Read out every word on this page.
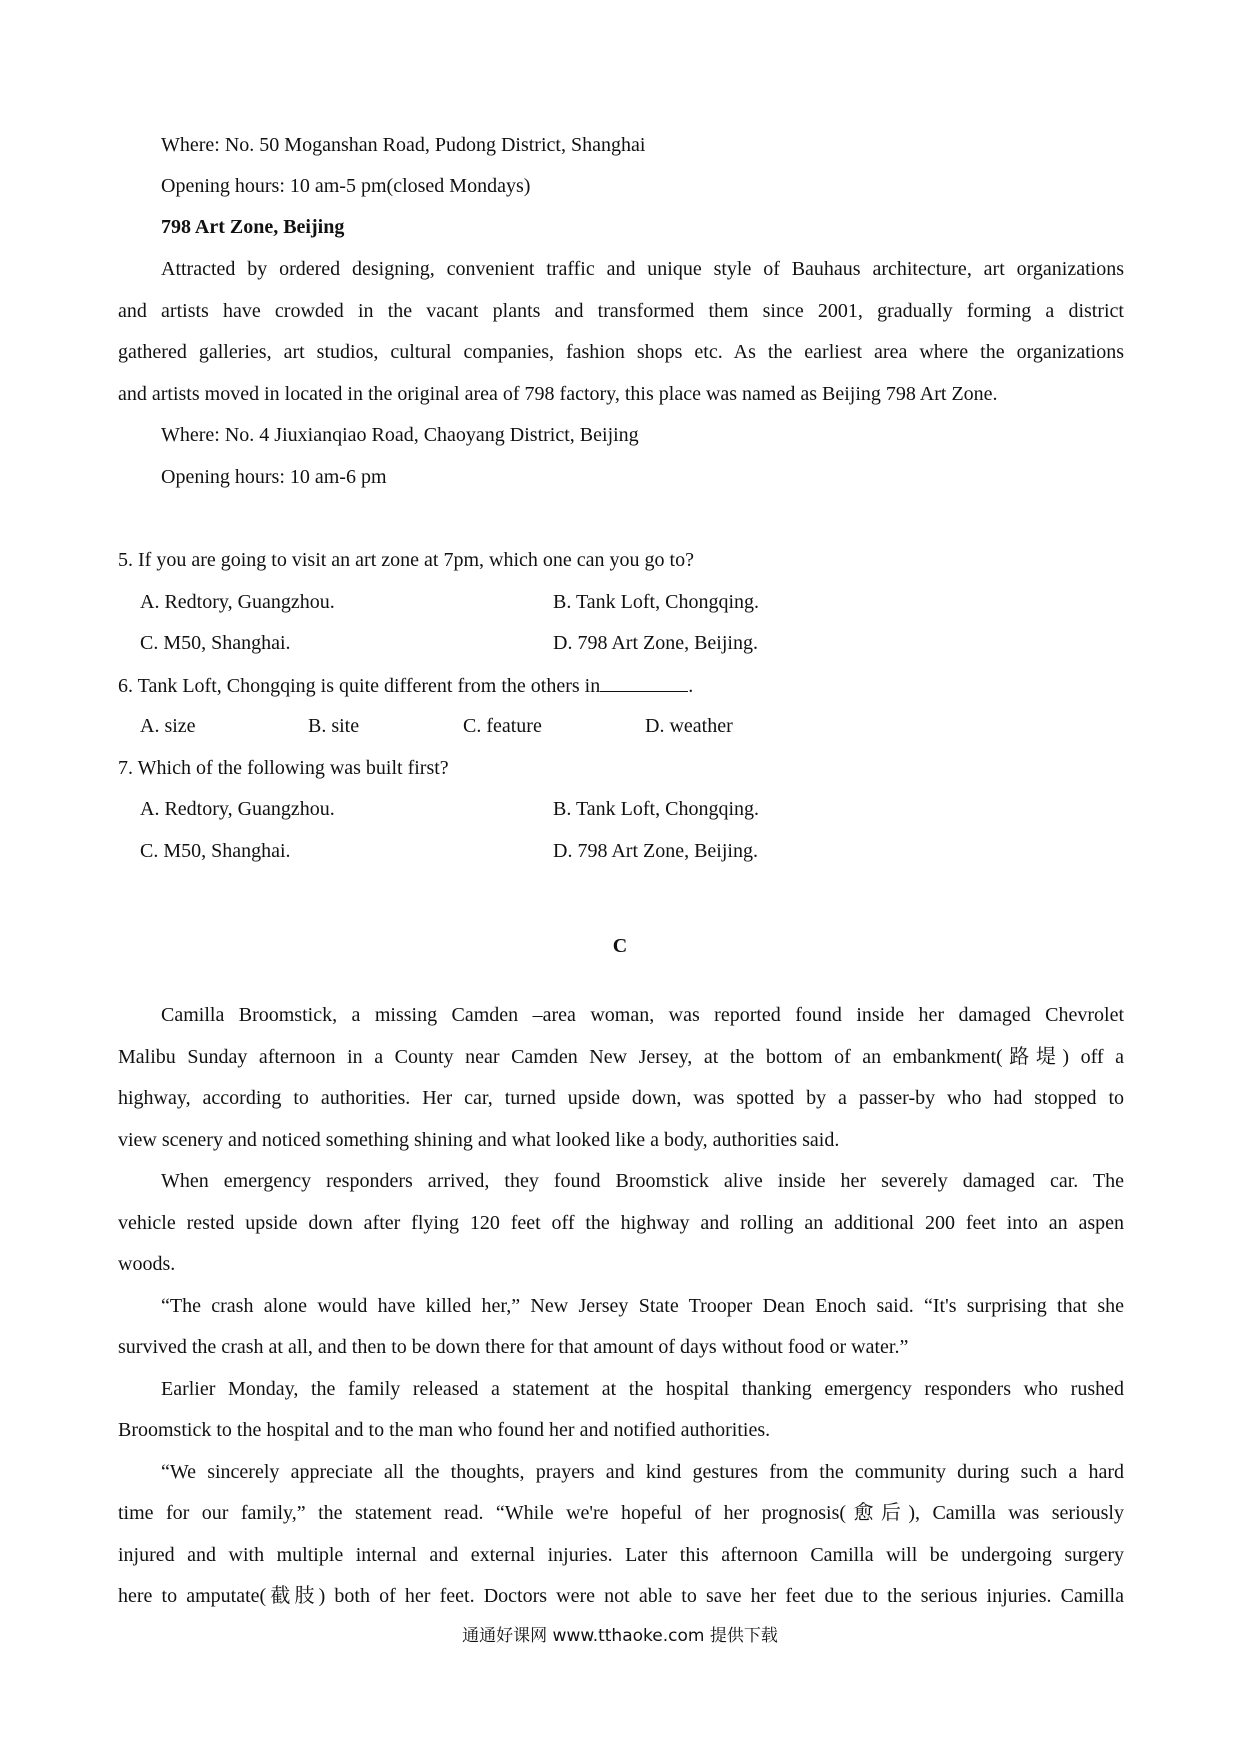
Where: No. 50 Moganshan Road, Pudong District, Shanghai
Opening hours: 10 am-5 pm(closed Mondays)
798 Art Zone, Beijing
Attracted by ordered designing, convenient traffic and unique style of Bauhaus architecture, art organizations
and artists have crowded in the vacant plants and transformed them since 2001, gradually forming a district
gathered galleries, art studios, cultural companies, fashion shops etc. As the earliest area where the organizations
and artists moved in located in the original area of 798 factory, this place was named as Beijing 798 Art Zone.
Where: No. 4 Jiuxianqiao Road, Chaoyang District, Beijing
Opening hours: 10 am-6 pm
5. If you are going to visit an art zone at 7pm, which one can you go to?
A. Redtory, Guangzhou.	B. Tank Loft, Chongqing.
C. M50, Shanghai.	D. 798 Art Zone, Beijing.
6. Tank Loft, Chongqing is quite different from the others in	.
A. size	B. site	C. feature	D. weather
7. Which of the following was built first?
A. Redtory, Guangzhou.	B. Tank Loft, Chongqing.
C. M50, Shanghai.	D. 798 Art Zone, Beijing.
C
Camilla Broomstick, a missing Camden –area woman, was reported found inside her damaged Chevrolet
Malibu Sunday afternoon in a County near Camden New Jersey, at the bottom of an embankment(路堤) off a
highway, according to authorities. Her car, turned upside down, was spotted by a passer-by who had stopped to
view scenery and noticed something shining and what looked like a body, authorities said.
When emergency responders arrived, they found Broomstick alive inside her severely damaged car. The
vehicle rested upside down after flying 120 feet off the highway and rolling an additional 200 feet into an aspen
woods.
“The crash alone would have killed her,” New Jersey State Trooper Dean Enoch said. “It's surprising that she
survived the crash at all, and then to be down there for that amount of days without food or water.”
Earlier Monday, the family released a statement at the hospital thanking emergency responders who rushed
Broomstick to the hospital and to the man who found her and notified authorities.
“We sincerely appreciate all the thoughts, prayers and kind gestures from the community during such a hard
time for our family,” the statement read. “While we're hopeful of her prognosis(愈后), Camilla was seriously
injured and with multiple internal and external injuries. Later this afternoon Camilla will be undergoing surgery
here to amputate(截肢) both of her feet. Doctors were not able to save her feet due to the serious injuries. Camilla
通通好课网 www.tthaoke.com 提供下载
